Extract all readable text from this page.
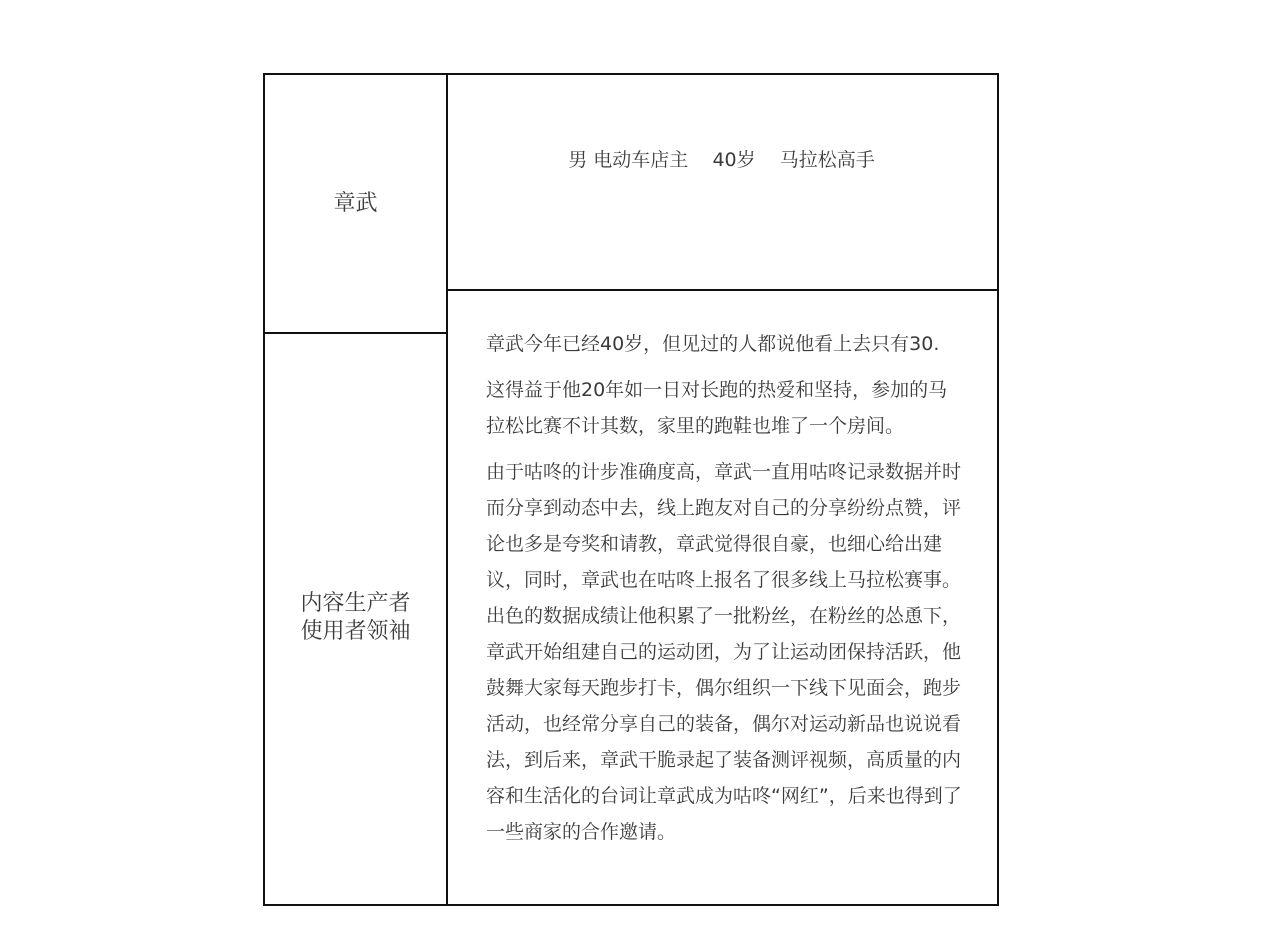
章武
内容生产者
使用者领袖
男 电动车店主 40岁 马拉松高手

章武今年已经40岁，但见过的人都说他看上去只有30.

这得益于他20年如一日对长跑的热爱和坚持，参加的马拉松比赛不计其数，家里的跑鞋也堆了一个房间。

由于咕咚的计步准确度高，章武一直用咕咚记录数据并时而分享到动态中去，线上跑友对自己的分享纷纷点赞，评论也多是夸奖和请教，章武觉得很自豪，也细心给出建议，同时，章武也在咕咚上报名了很多线上马拉松赛事。出色的数据成绩让他积累了一批粉丝，在粉丝的怂恿下，章武开始组建自己的运动团，为了让运动团保持活跃，他鼓舞大家每天跑步打卡，偶尔组织一下线下见面会，跑步活动，也经常分享自己的装备，偶尔对运动新品也说说看法，到后来，章武干脆录起了装备测评视频，高质量的内容和生活化的台词让章武成为咕咚“网红”，后来也得到了一些商家的合作邀请。
